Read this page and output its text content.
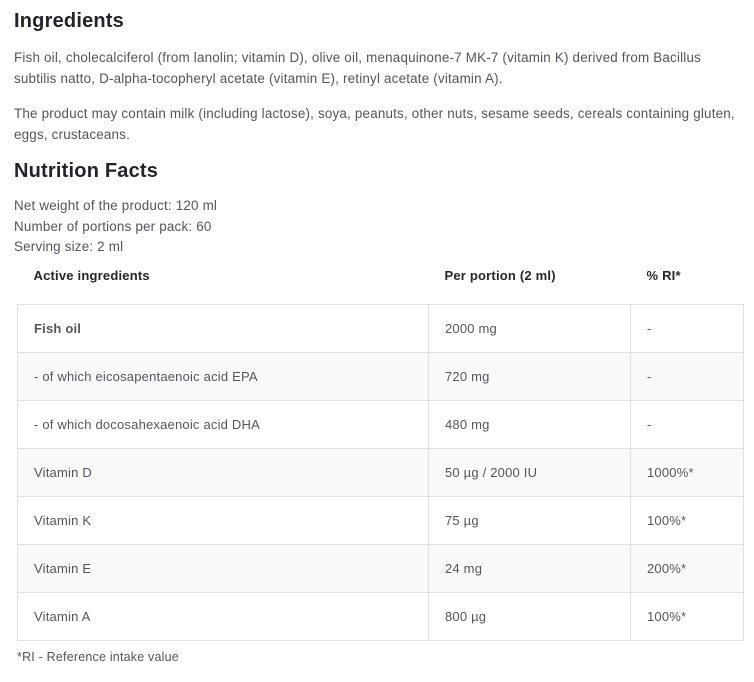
Ingredients

Fish oil, cholecalciferol (from lanolin; vitamin D), olive oil, menaquinone-7 MK-7 (vitamin K) derived from Bacillus subtilis natto, D-alpha-tocopheryl acetate (vitamin E), retinyl acetate (vitamin A).

The product may contain milk (including lactose), soya, peanuts, other nuts, sesame seeds, cereals containing gluten, eggs, crustaceans.

Nutrition Facts

Net weight of the product: 120 ml

Number of portions per pack: 60

Serving size: 2 ml

Active ingredients	Per portion (2 ml)	% RI*
Fish oil	2000 mg	-
- of which eicosapentaenoic acid EPA	720 mg	-
- of which docosahexaenoic acid DHA	480 mg	-
Vitamin D	50 µg / 2000 IU	1000%*
Vitamin K	75 µg	100%*
Vitamin E	24 mg	200%*
Vitamin A	800 µg	100%*

*RI - Reference intake value
